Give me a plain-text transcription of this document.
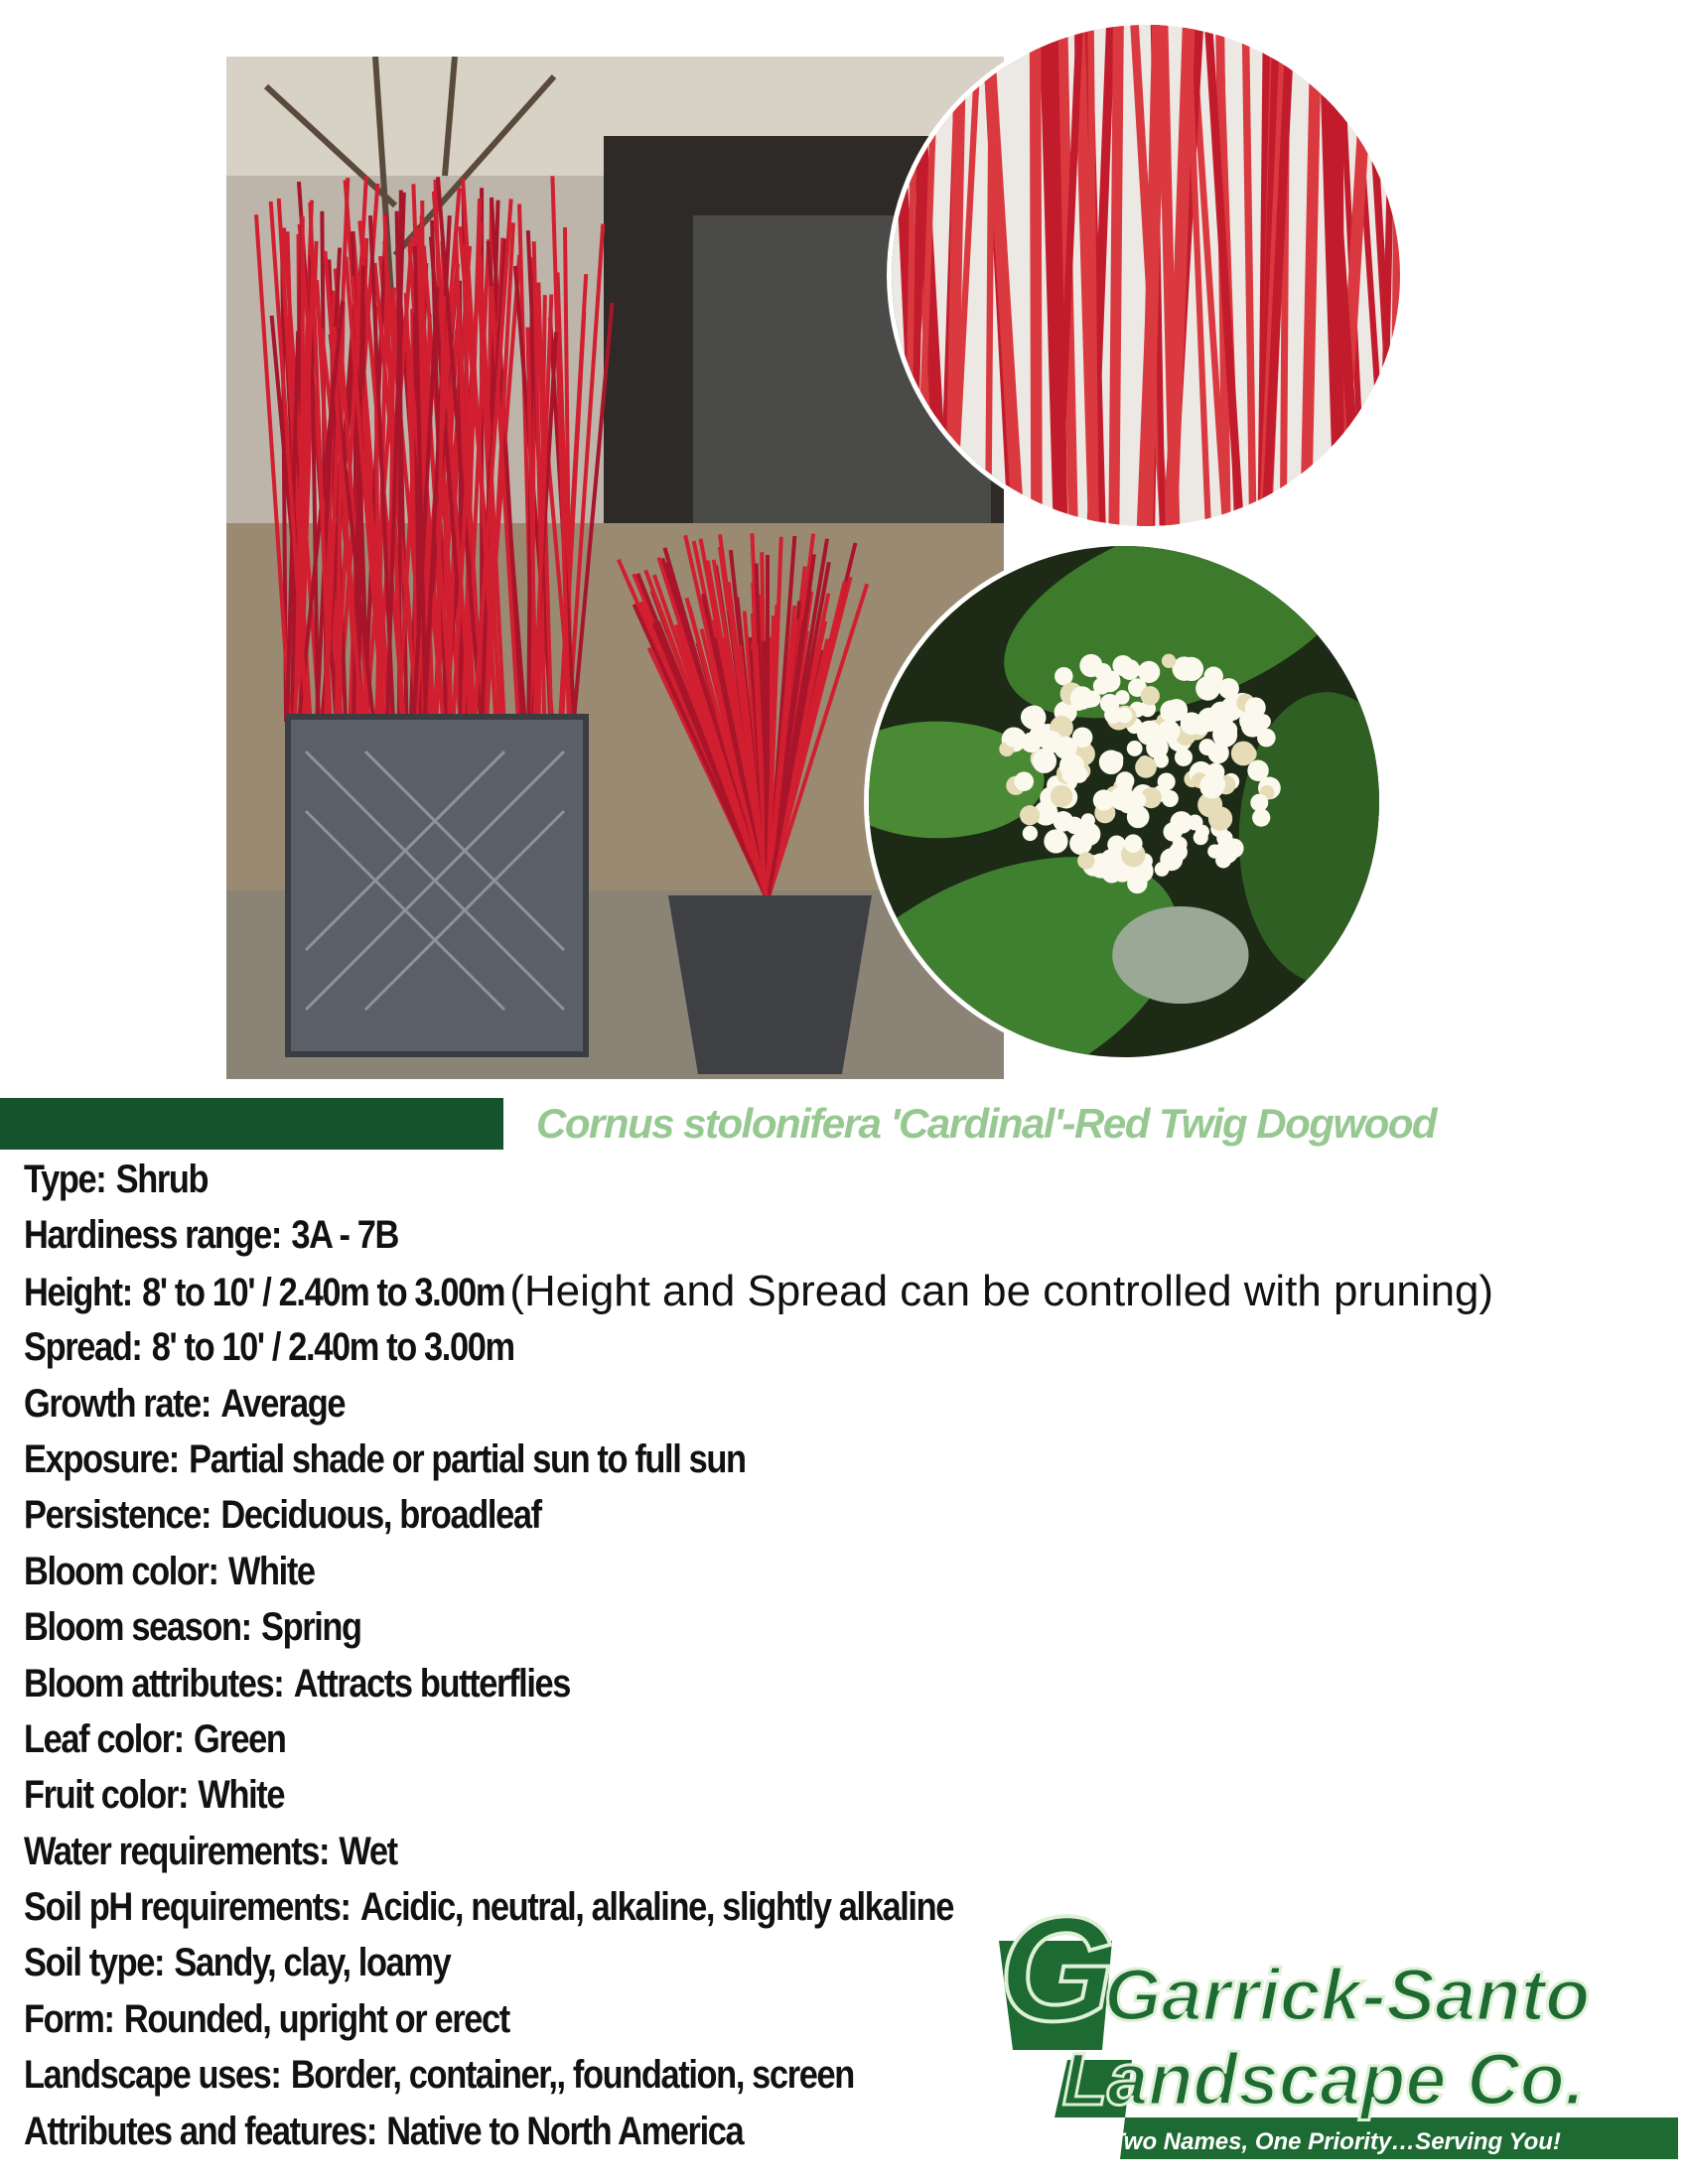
Cornus stolonifera 'Cardinal'-Red Twig Dogwood
Type: Shrub
Hardiness range: 3A - 7B
Height: 8' to 10' / 2.40m to 3.00m (Height and Spread can be controlled with pruning)
Spread: 8' to 10' / 2.40m to 3.00m
Growth rate: Average
Exposure: Partial shade or partial sun to full sun
Persistence: Deciduous, broadleaf
Bloom color: White
Bloom season: Spring
Bloom attributes: Attracts butterflies
Leaf color: Green
Fruit color: White
Water requirements: Wet
Soil pH requirements: Acidic, neutral, alkaline, slightly alkaline
Soil type: Sandy, clay, loamy
Form: Rounded, upright or erect
Landscape uses: Border, container,, foundation, screen
Attributes and features: Native to North America
G
Garrick-Santo
Landscape Co.
Two Names, One Priority…Serving You!
